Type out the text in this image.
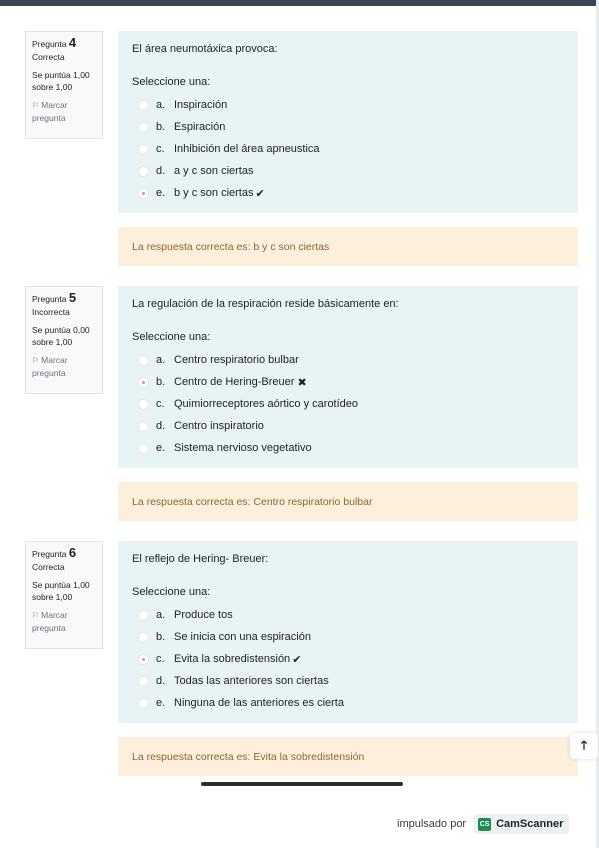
Pregunta 4
Correcta
Se puntúa 1,00 sobre 1,00
⚐ Marcar pregunta
El área neumotáxica provoca:
Seleccione una:
a. Inspiración
b. Espiración
c. Inhibición del área apneustica
d. a y c son ciertas
e. b y c son ciertas ✔
La respuesta correcta es: b y c son ciertas
Pregunta 5
Incorrecta
Se puntúa 0,00 sobre 1,00
⚐ Marcar pregunta
La regulación de la respiración reside básicamente en:
Seleccione una:
a. Centro respiratorio bulbar
b. Centro de Hering-Breuer ✖
c. Quimiorreceptores aórtico y carotídeo
d. Centro inspiratorio
e. Sistema nervioso vegetativo
La respuesta correcta es: Centro respiratorio bulbar
Pregunta 6
Correcta
Se puntúa 1,00 sobre 1,00
⚐ Marcar pregunta
El reflejo de Hering- Breuer:
Seleccione una:
a. Produce tos
b. Se inicia con una espiración
c. Evita la sobredistensión ✔
d. Todas las anteriores son ciertas
e. Ninguna de las anteriores es cierta
La respuesta correcta es: Evita la sobredistensión
🡑
impulsado por CS CamScanner
